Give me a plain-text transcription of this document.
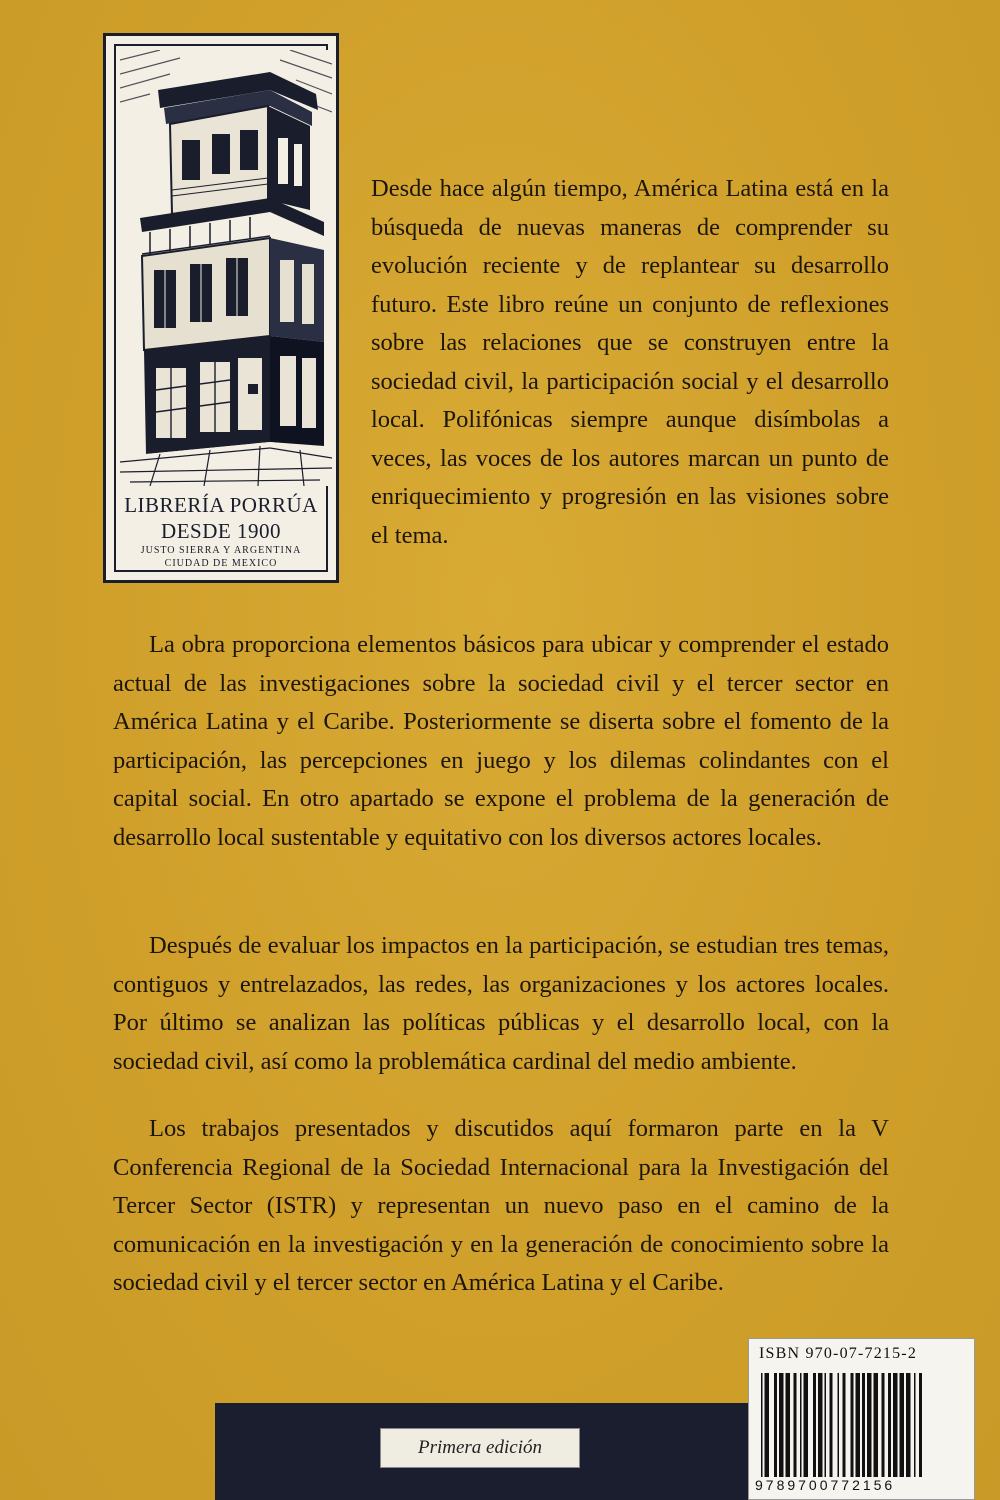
LIBRERÍA PORRÚA
DESDE 1900
JUSTO SIERRA Y ARGENTINA
CIUDAD DE MEXICO

Desde hace algún tiempo, América Latina está en la búsqueda de nuevas maneras de comprender su evolución reciente y de replantear su desarrollo futuro. Este libro reúne un conjunto de reflexiones sobre las relaciones que se construyen entre la sociedad civil, la participación social y el desarrollo local. Polifónicas siempre aunque disímbolas a veces, las voces de los autores marcan un punto de enriquecimiento y progresión en las visiones sobre el tema.

La obra proporciona elementos básicos para ubicar y comprender el estado actual de las investigaciones sobre la sociedad civil y el tercer sector en América Latina y el Caribe. Posteriormente se diserta sobre el fomento de la participación, las percepciones en juego y los dilemas colindantes con el capital social. En otro apartado se expone el problema de la generación de desarrollo local sustentable y equitativo con los diversos actores locales.

Después de evaluar los impactos en la participación, se estudian tres temas, contiguos y entrelazados, las redes, las organizaciones y los actores locales. Por último se analizan las políticas públicas y el desarrollo local, con la sociedad civil, así como la problemática cardinal del medio ambiente.

Los trabajos presentados y discutidos aquí formaron parte en la V Conferencia Regional de la Sociedad Internacional para la Investigación del Tercer Sector (ISTR) y representan un nuevo paso en el camino de la comunicación en la investigación y en la generación de conocimiento sobre la sociedad civil y el tercer sector en América Latina y el Caribe.

Primera edición
ISBN 970-07-7215-2
9789700772156
